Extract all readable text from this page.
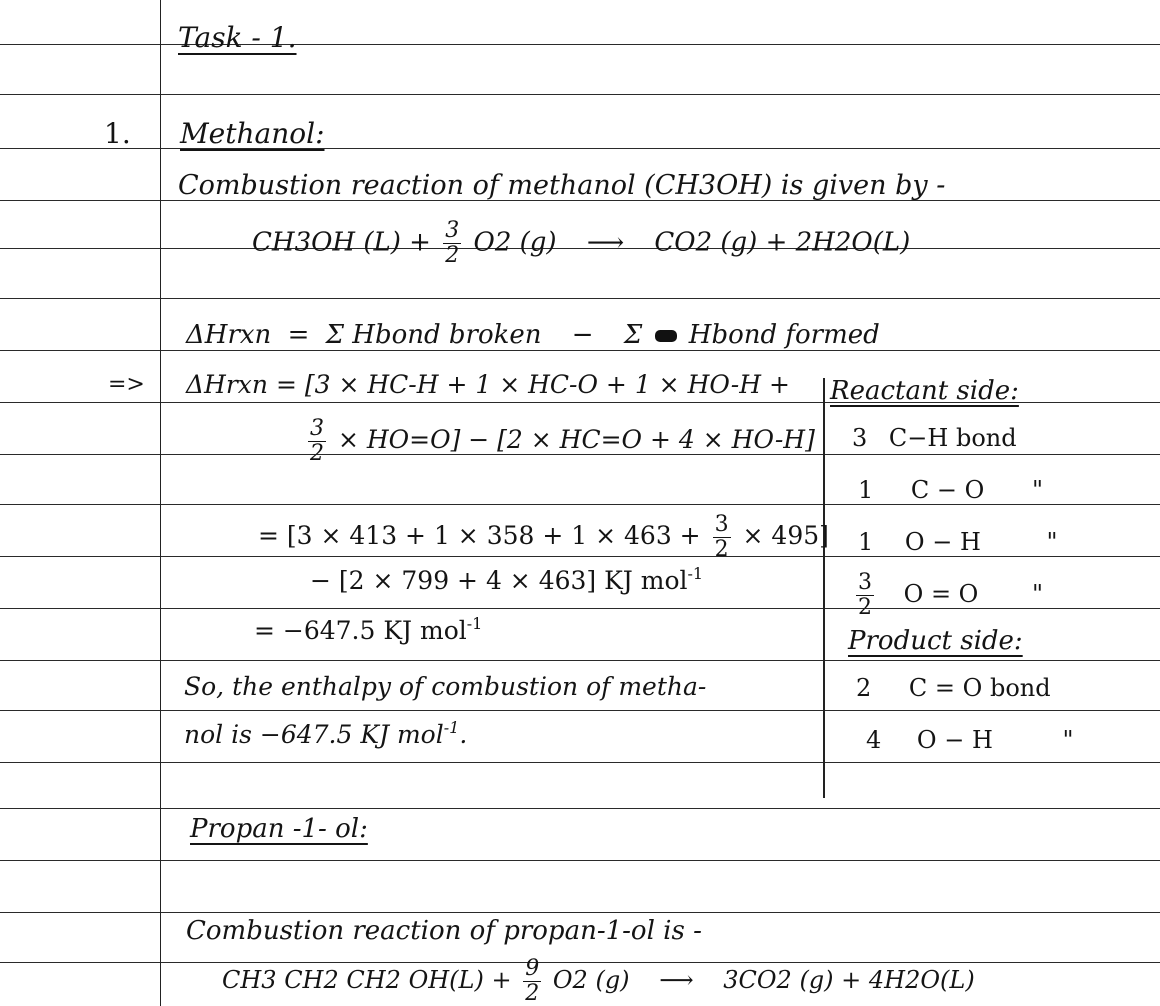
Task - 1.
1. Methanol:
Combustion reaction of methanol (CH3OH) is given by -
CH3OH $(L) + \frac{3}{2} O2$ (g) ⟶ CO2 (g) + 2H2O(L)
ΔHrxn = Σ Hbond broken − Σ Hbond formed
=> ΔHrxn = [3 × HC-H + 1 × HC-O + 1 × HO-H +
$\frac{3}{2} \times HO=O] - [2 \times HC=O + 4 \times HO-H]$
= $[3 \times 413 + 1 \times 358 + 1 \times 463 + \frac{3}{2} \times 495]$
− [2 × 799 + 4 × 463] KJ mol$^{-1}$
= −647.5 KJ mol$^{-1}$
So, the enthalpy of combustion of metha-
nol is −647.5 KJ mol$^{-1}$.
Reactant side:
3 C−H bond
1 C − O "
1 O − H	"
$\frac{3}{2}$ O = O "
Product side:
2 C = O bond
4 O − H	"
Propan -1- ol:
Combustion reaction of propan-1-ol is -
CH3 CH2 CH2 $OH(L) + \frac{9}{2} O2$ (g) ⟶ 3CO2 (g) + 4H2O(L)
